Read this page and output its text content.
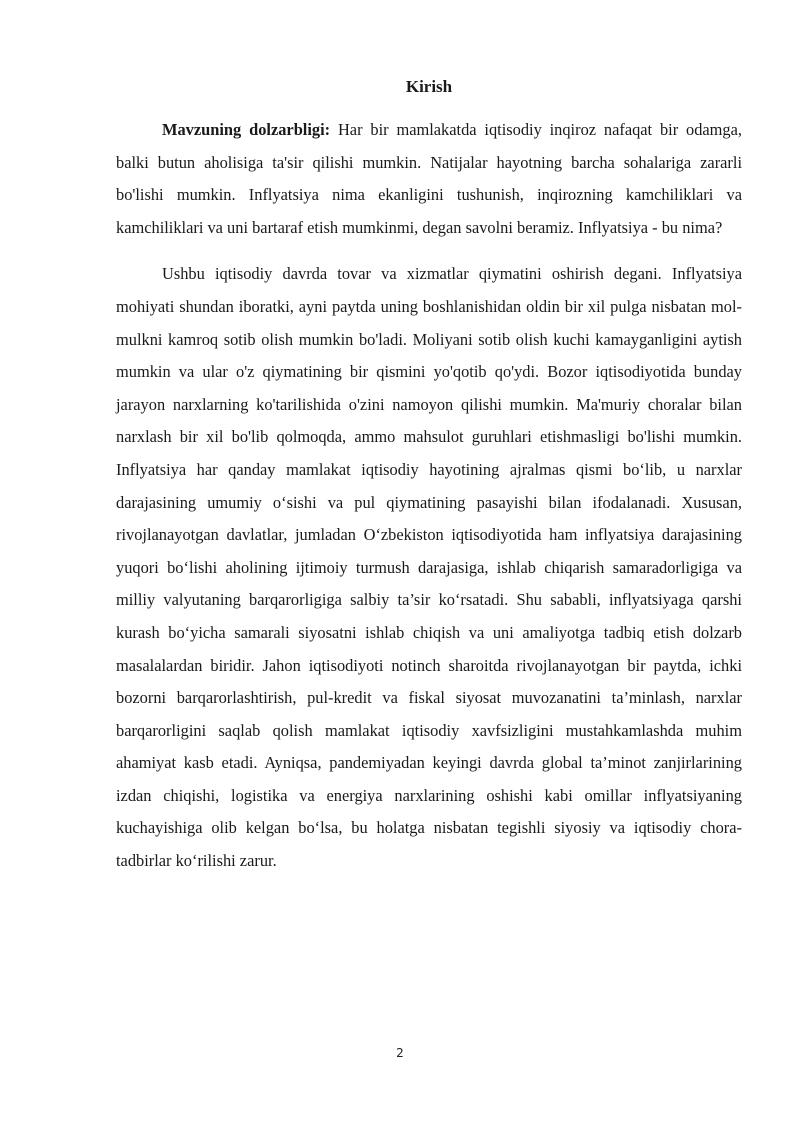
Kirish

Mavzuning dolzarbligi: Har bir mamlakatda iqtisodiy inqiroz nafaqat bir odamga, balki butun aholisiga ta'sir qilishi mumkin. Natijalar hayotning barcha sohalariga zararli bo'lishi mumkin. Inflyatsiya nima ekanligini tushunish, inqirozning kamchiliklari va kamchiliklari va uni bartaraf etish mumkinmi, degan savolni beramiz. Inflyatsiya - bu nima?

Ushbu iqtisodiy davrda tovar va xizmatlar qiymatini oshirish degani. Inflyatsiya mohiyati shundan iboratki, ayni paytda uning boshlanishidan oldin bir xil pulga nisbatan mol-mulkni kamroq sotib olish mumkin bo'ladi. Moliyani sotib olish kuchi kamayganligini aytish mumkin va ular o'z qiymatining bir qismini yo'qotib qo'ydi. Bozor iqtisodiyotida bunday jarayon narxlarning ko'tarilishida o'zini namoyon qilishi mumkin. Ma'muriy choralar bilan narxlash bir xil bo'lib qolmoqda, ammo mahsulot guruhlari etishmasligi bo'lishi mumkin. Inflyatsiya har qanday mamlakat iqtisodiy hayotining ajralmas qismi bo‘lib, u narxlar darajasining umumiy o‘sishi va pul qiymatining pasayishi bilan ifodalanadi. Xususan, rivojlanayotgan davlatlar, jumladan O‘zbekiston iqtisodiyotida ham inflyatsiya darajasining yuqori bo‘lishi aholining ijtimoiy turmush darajasiga, ishlab chiqarish samaradorligiga va milliy valyutaning barqarorligiga salbiy ta’sir ko‘rsatadi. Shu sababli, inflyatsiyaga qarshi kurash bo‘yicha samarali siyosatni ishlab chiqish va uni amaliyotga tadbiq etish dolzarb masalalardan biridir. Jahon iqtisodiyoti notinch sharoitda rivojlanayotgan bir paytda, ichki bozorni barqarorlashtirish, pul-kredit va fiskal siyosat muvozanatini ta’minlash, narxlar barqarorligini saqlab qolish mamlakat iqtisodiy xavfsizligini mustahkamlashda muhim ahamiyat kasb etadi. Ayniqsa, pandemiyadan keyingi davrda global ta’minot zanjirlarining izdan chiqishi, logistika va energiya narxlarining oshishi kabi omillar inflyatsiyaning kuchayishiga olib kelgan bo‘lsa, bu holatga nisbatan tegishli siyosiy va iqtisodiy chora-tadbirlar ko‘rilishi zarur.

2
